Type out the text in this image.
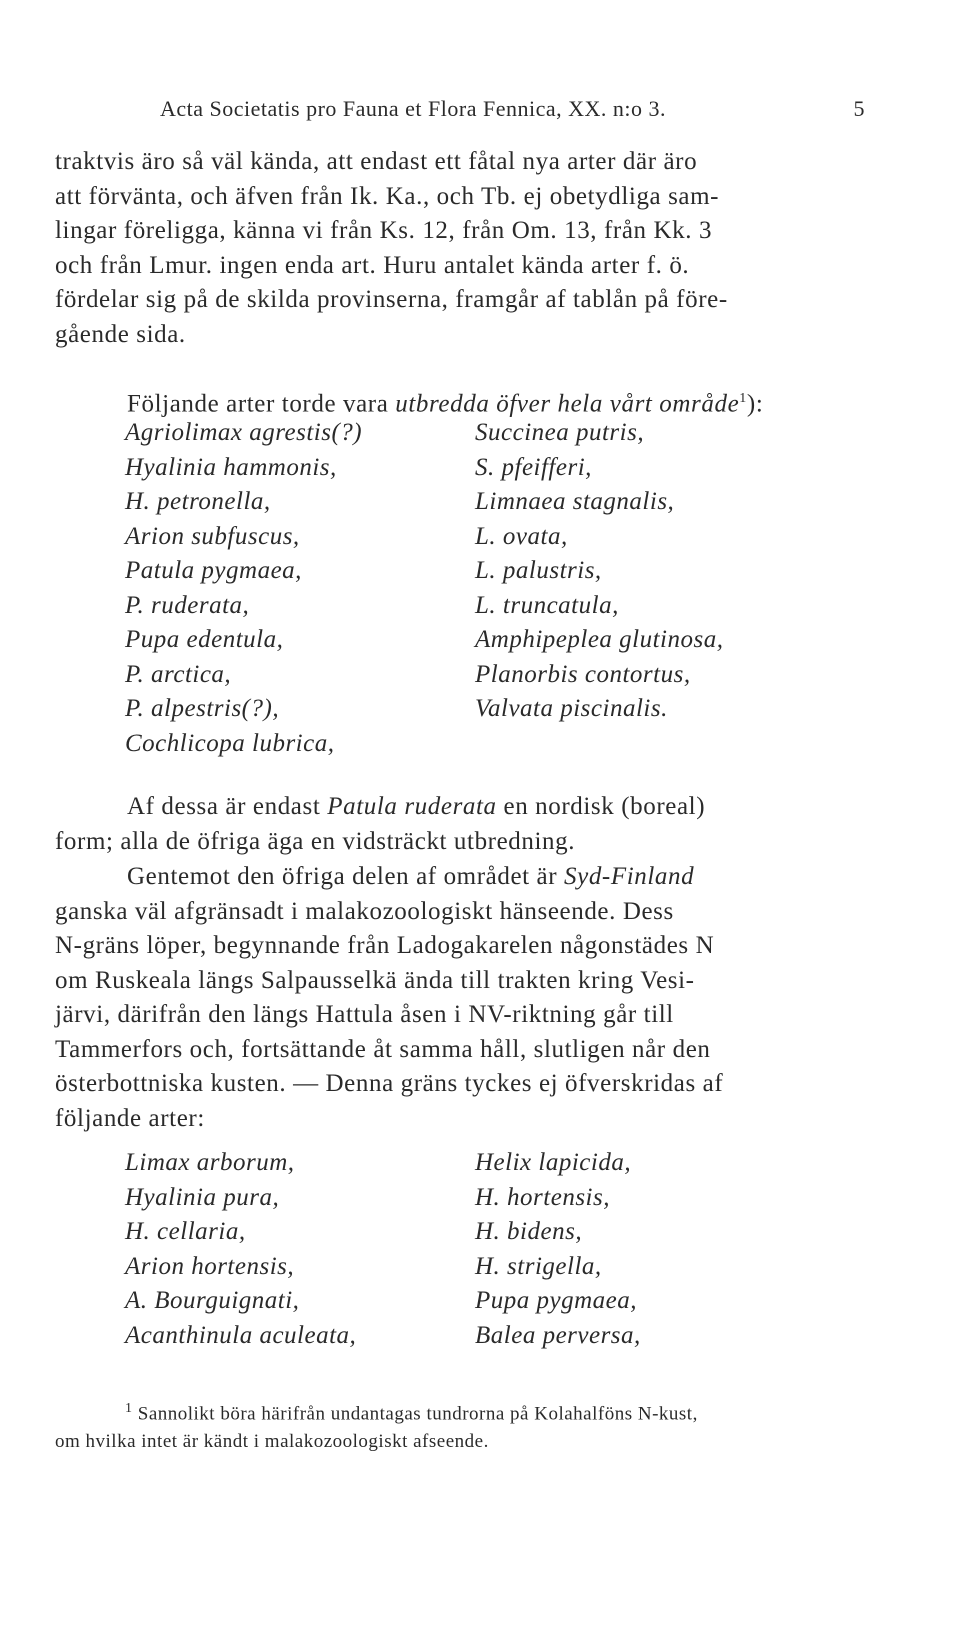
Acta Societatis pro Fauna et Flora Fennica, XX. n:o 3.	5

traktvis äro så väl kända, att endast ett fåtal nya arter där äro
att förvänta, och äfven från Ik. Ka., och Tb. ej obetydliga sam-
lingar föreligga, känna vi från Ks. 12, från Om. 13, från Kk. 3
och från Lmur. ingen enda art. Huru antalet kända arter f. ö.
fördelar sig på de skilda provinserna, framgår af tablån på före-
gående sida.

Följande arter torde vara utbredda öfver hela vårt område$^1$):

Agriolimax agrestis(?)
Hyalinia hammonis,
H. petronella,
Arion subfuscus,
Patula pygmaea,
P. ruderata,
Pupa edentula,
P. arctica,
P. alpestris(?),
Cochlicopa lubrica,
Succinea putris,
S. pfeifferi,
Limnaea stagnalis,
L. ovata,
L. palustris,
L. truncatula,
Amphipeplea glutinosa,
Planorbis contortus,
Valvata piscinalis.

Af dessa är endast Patula ruderata en nordisk (boreal)
form; alla de öfriga äga en vidsträckt utbredning.

Gentemot den öfriga delen af området är Syd-Finland
ganska väl afgränsadt i malakozoologiskt hänseende. Dess
N-gräns löper, begynnande från Ladogakarelen någonstädes N
om Ruskeala längs Salpausselkä ända till trakten kring Vesi-
järvi, därifrån den längs Hattula åsen i NV-riktning går till
Tammerfors och, fortsättande åt samma håll, slutligen når den
österbottniska kusten. — Denna gräns tyckes ej öfverskridas af
följande arter:

Limax arborum,
Hyalinia pura,
H. cellaria,
Arion hortensis,
A. Bourguignati,
Acanthinula aculeata,
Helix lapicida,
H. hortensis,
H. bidens,
H. strigella,
Pupa pygmaea,
Balea perversa,
$^1$ Sannolikt böra härifrån undantagas tundrorna på Kolahalföns N-kust,
om hvilka intet är kändt i malakozoologiskt afseende.
